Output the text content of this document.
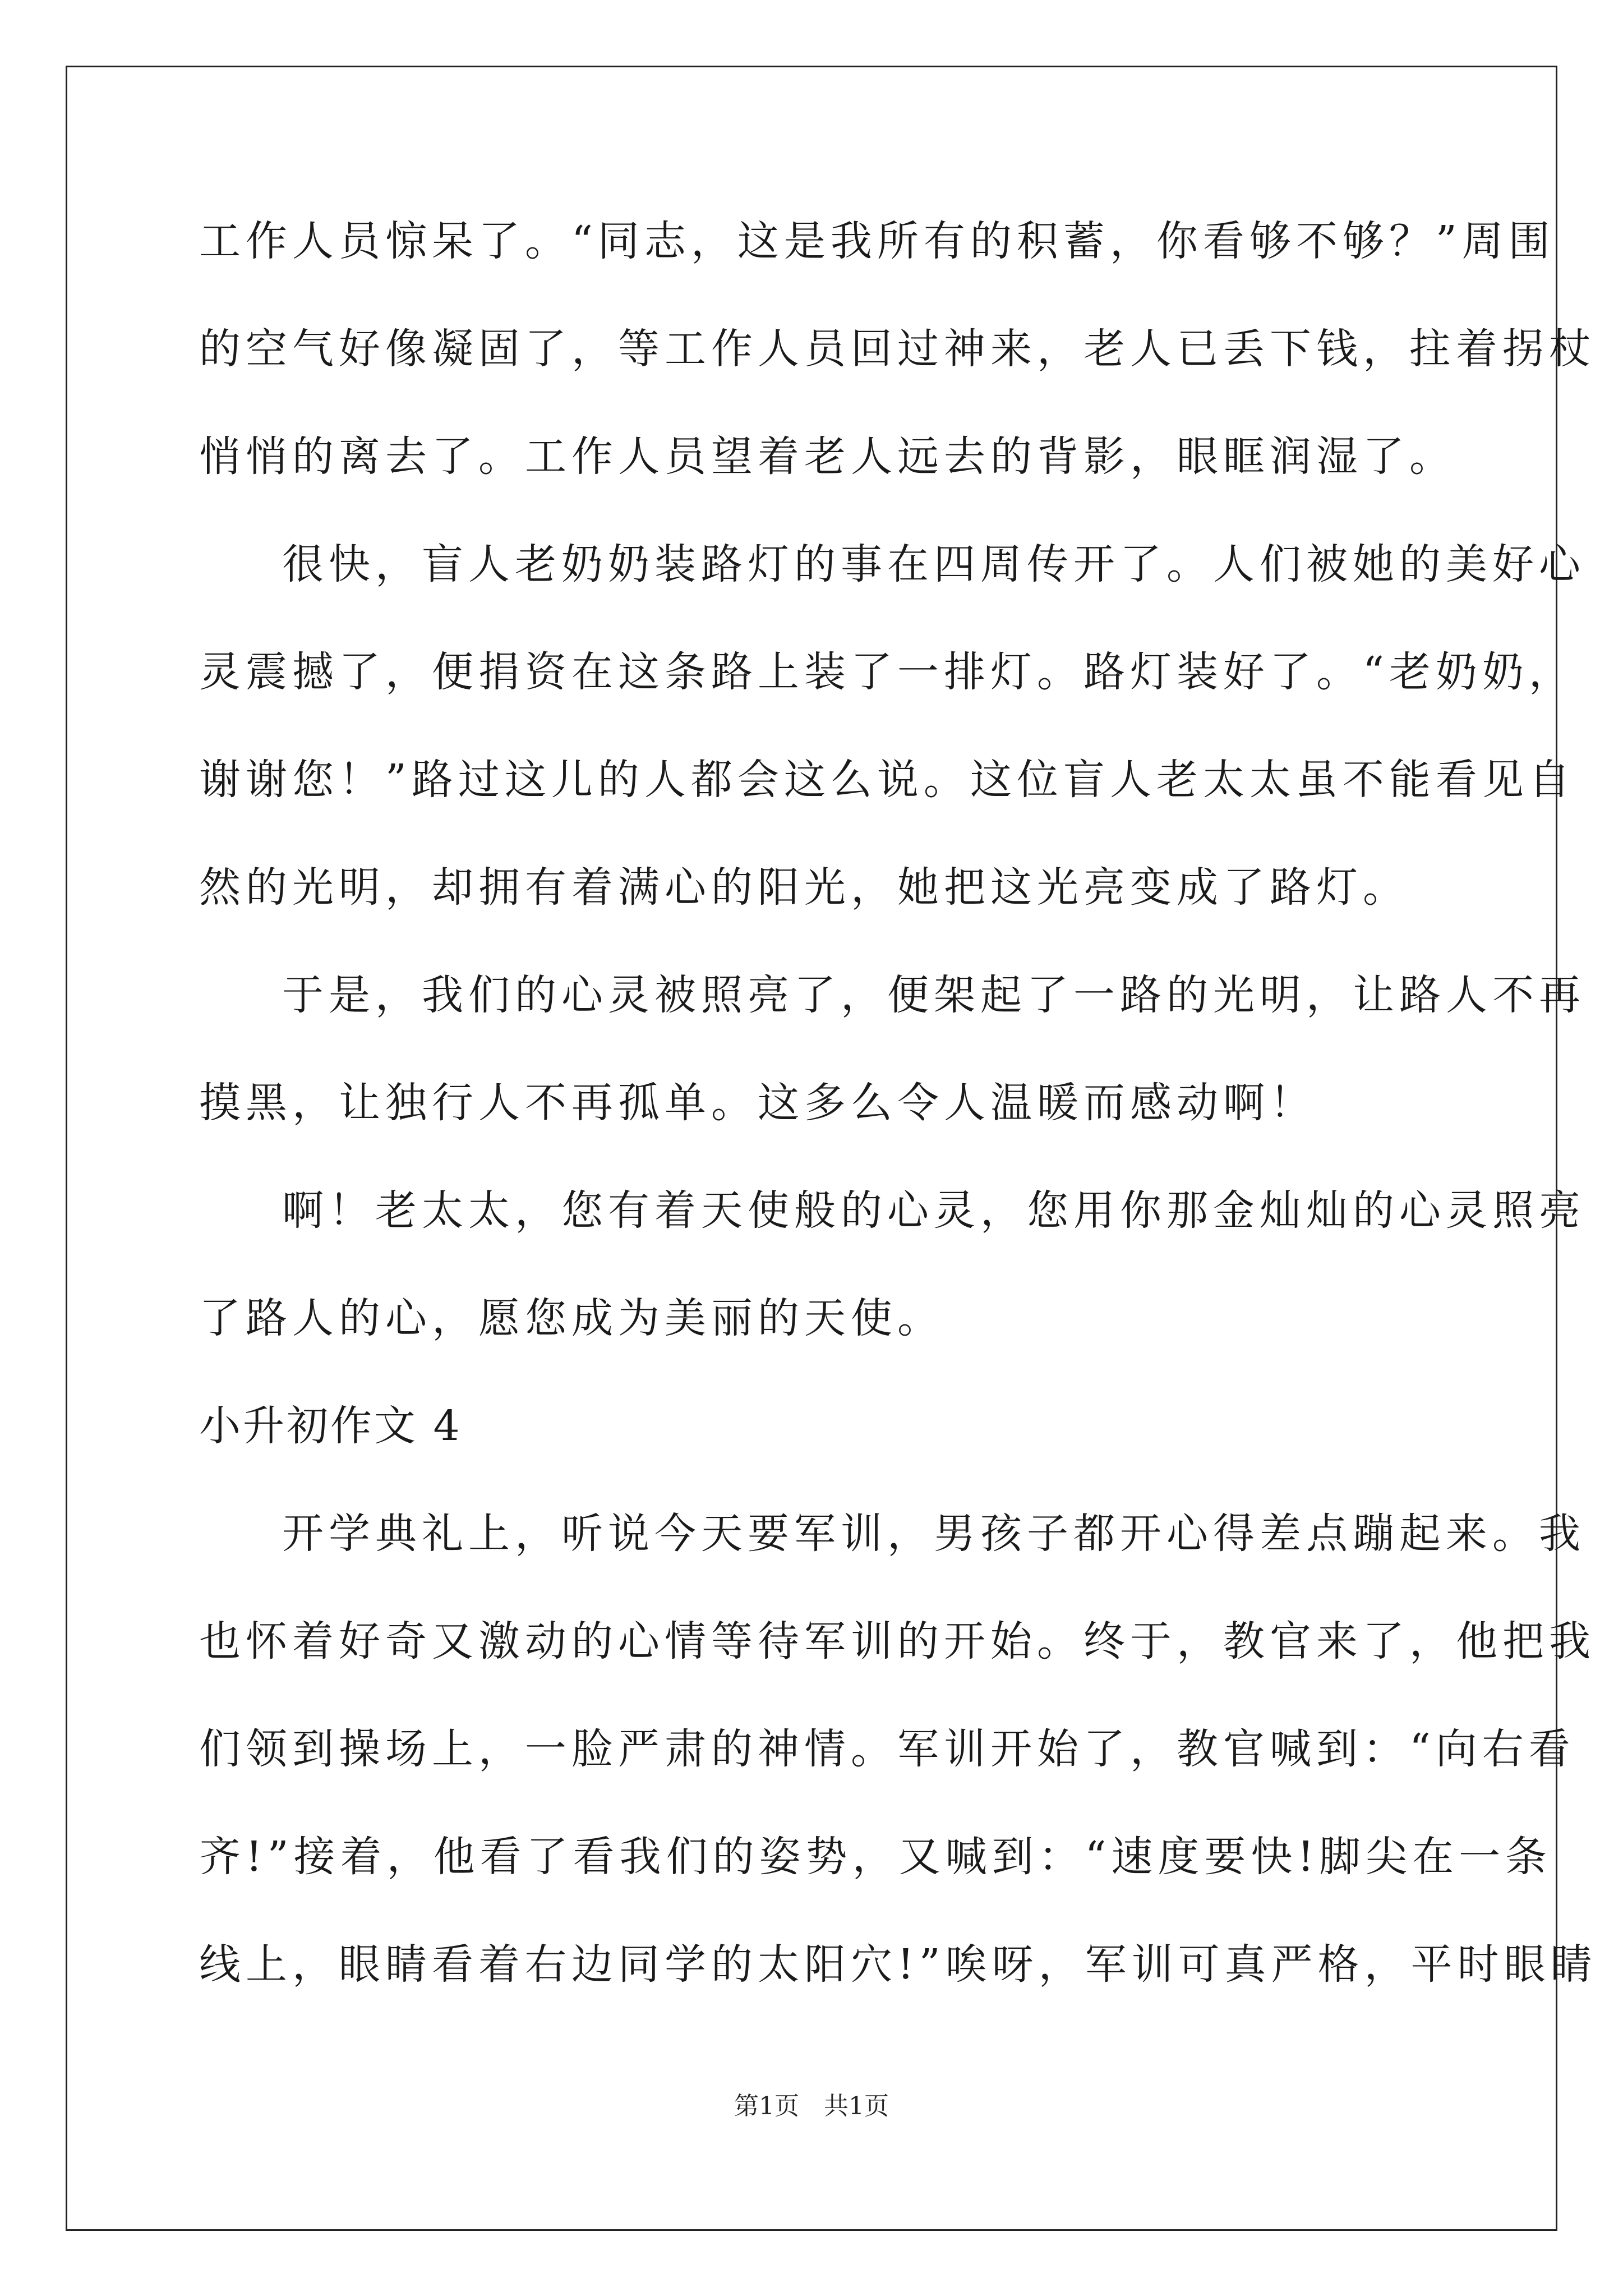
工作人员惊呆了。“同志，这是我所有的积蓄，你看够不够？”周围
的空气好像凝固了，等工作人员回过神来，老人已丢下钱，拄着拐杖
悄悄的离去了。工作人员望着老人远去的背影，眼眶润湿了。
很快，盲人老奶奶装路灯的事在四周传开了。人们被她的美好心
灵震撼了，便捐资在这条路上装了一排灯。路灯装好了。“老奶奶，
谢谢您！”路过这儿的人都会这么说。这位盲人老太太虽不能看见自
然的光明，却拥有着满心的阳光，她把这光亮变成了路灯。
于是，我们的心灵被照亮了，便架起了一路的光明，让路人不再
摸黑，让独行人不再孤单。这多么令人温暖而感动啊！
啊！老太太，您有着天使般的心灵，您用你那金灿灿的心灵照亮
了路人的心，愿您成为美丽的天使。
小升初作文 4
开学典礼上，听说今天要军训，男孩子都开心得差点蹦起来。我
也怀着好奇又激动的心情等待军训的开始。终于，教官来了，他把我
们领到操场上，一脸严肃的神情。军训开始了，教官喊到：“向右看
齐!”接着，他看了看我们的姿势，又喊到：“速度要快!脚尖在一条
线上，眼睛看着右边同学的太阳穴!”唉呀，军训可真严格，平时眼睛
第1页　共1页
